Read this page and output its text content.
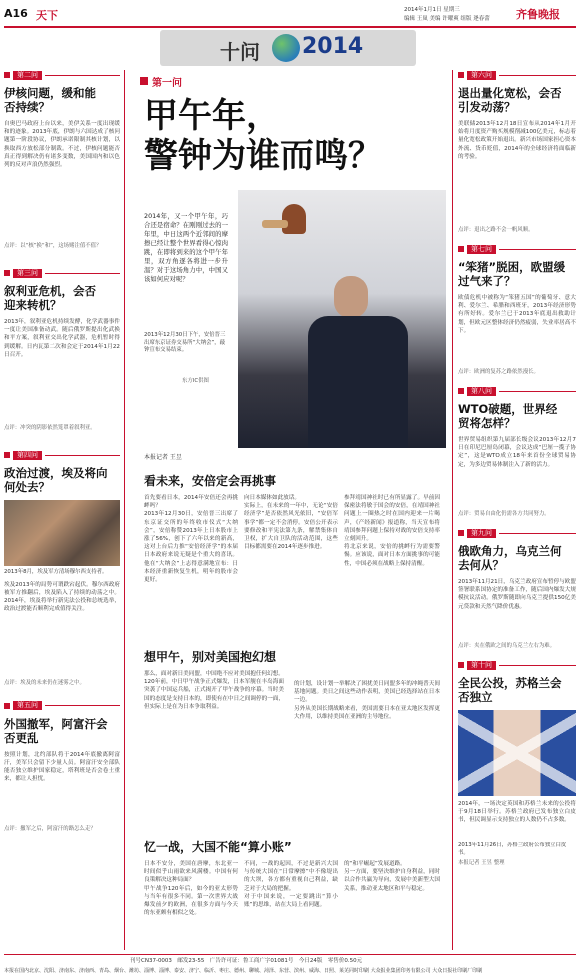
A16 天下	2014年1月1日 星期三
编辑 王岚 美编 许曜爽 组版 逄春蕾 齐鲁晚报
十问 2014
第二问
伊核问题，缓和能否持续？
自奥巴马政府上台以来，美伊关系一度出现缓和的迹象。2013年底，伊朗与六国达成了核问题第一阶段协议，伊朗承诺限制其核计划，以换取西方放松部分制裁。不过，伊核问题能否真正得到解决仍有诸多变数，美国国内和以色列的反对声浪仍然强烈。
点评：以“核”换“和”，这场赌注值不值？
第三问
叙利亚危机，会否迎来转机？
2013年，叙利亚危机持续发酵，化学武器事件一度让美国准备动武。随后俄罗斯提出化武换和平方案，叙利亚交出化学武器，危机暂时得到缓解。日内瓦第二次和会定于2014年1月22日召开。
点评：冲突的阴影依然笼罩着叙利亚。
第四问
政治过渡，埃及将向何处去？
2013年8月，埃及军方清场穆尔西支持者。
埃及2013年的局势可谓跌宕起伏。穆尔西政府被军方推翻后，埃及陷入了持续的动荡之中。2014年，埃及将举行新宪法公投和总统选举，政治过渡能否顺利完成值得关注。
点评：埃及的未来仍在迷雾之中。
第五问
外国撤军，阿富汗会否更乱
按照计划，北约部队将于2014年底撤离阿富汗，美军只会留下少量人员。阿富汗安全部队能否独立维护国家稳定，塔利班是否会卷土重来，都让人担忧。
点评：撤军之后，阿富汗的路怎么走？
第一问
甲午年，
警钟为谁而鸣？
2014年，又一个甲午年，巧合还是宿命？在刚刚过去的一年里，中日这两个近邻间的摩擦已经让整个世界看得心惊肉跳，在即将到来的这个甲午年里，双方角逐各将进一步升温？对于这场角力中，中国又该如何应对呢？
2013年12月30日下午，安倍晋三出席东京证券交易所“大纳会”，敲钟宣布交易结束。
东方IC供图
本报记者 王昱
看未来，安倍定会再挑事

首先要看日本，2014年安倍还会再挑衅吗？

2013年12月30日，安倍晋三出席了东京证交所的年终收市仪式“大纳会”，安倍称赞2013年上日本股市上涨了56%，创下了六年以来的新高，这对上台后力推“安倍经济学”的本届日本政府来说无疑是个重大的喜讯。他在“大纳会”上志得意满地宣布：日本经济重新恢复生机，明年的股市会更好。

向日本媒体如此放话。

实际上，在未来的一年中，无论“安倍经济学”是否依然风光依旧，“安倍军事学”都一定不会消停。安倍公开表示要修改和平宪法第九条，解禁集体自卫权，扩大自卫队的活动范围，这些目标都需要在2014年逐步推进。

参拜靖国神社时已有所显露了。早前因保密法将敏于国会的安倍，在靖国神社问题上一圈热之时在国内迎来一片喝声，《产经新闻》报道称，当天宣布将靖国参拜问题上保持对战的安倍支持率立刻回升。

将北京来说，安倍的挑衅行为需要警惕。应该说，面对日本方面挑事的可能性，中国必须在战略上保持清醒。

想甲午，别对美国抱幻想

那么，面对新日美同盟，中国绝不应对美国抱任何幻想。

120年前，中日甲午战争正式爆发，日本军舰在丰岛海面突袭了中国运兵船，正式揭开了甲午战争的序幕。当时美国的态度是支持日本的，即使有在中日之间调停的一面，但实际上是在为日本争取利益。

的计划，设计划一举解决了困扰美日同盟多年的冲绳普天间基地问题。美日之间这些动作表明，美国已经选择站在日本一边。

另外从美国长期战略来看，美国需要日本在亚太地区发挥更大作用，以维持美国在亚洲的主导地位。

忆一战，大国不能“算小账”

日本不安分，美国在唐摩，东北亚一时间似乎山雨欲来风满楼。中国有何良策解决这种局面？

甲午战争120年后，如今的亚太形势与当年有很多不同。第一次世界大战爆发前夕的欧洲，在很多方面与今天的东亚颇有相似之处。

不同，一战的起因，不过是新兴大国与传统大国在“日常摩擦”中不像堤出的大坝，各方都有重视自己利益，缺乏对于大局的把握。

对于中国来说，一定要跳出“算小账”的思维，站在大局上看问题。

的“和平崛起”发展道路。

另一方面，要坚决维护自身利益，同时以合作共赢为导向，发展中美新型大国关系，推动亚太地区和平与稳定。

第六问
退出量化宽松，会否引发动荡？
美联储2013年12月18日宣布从2014年1月开始将月度资产购买规模削减100亿美元，标志着量化宽松政策开始退出。新兴市场国家担心资本外流、货币贬值，2014年的全球经济将面临新的考验。
点评：退出之路不会一帆风顺。
第七问
“笨猪”脱困，欧盟缓过气来了？
欧债危机中被称为“笨猪五国”的葡萄牙、意大利、爱尔兰、希腊和西班牙，2013年经济形势有所好转。爱尔兰已于2013年底退出救助计划，但欧元区整体经济仍然疲弱，失业率居高不下。
点评：欧洲的复苏之路依然漫长。
第八问
WTO破题，世界经贸将怎样？
世界贸易组织第九届部长级会议2013年12月7日在印尼巴厘岛闭幕，会议达成“巴厘一揽子协定”，这是WTO成立18年来首份全球贸易协定，为多边贸易体制注入了新的活力。
点评：贸易自由化仍需各方共同努力。
第九问
俄欧角力，乌克兰何去何从？
2013年11月21日，乌克兰政府宣布暂停与欧盟签署联系国协定的准备工作，随后国内爆发大规模抗议活动。俄罗斯随即向乌克兰提供150亿美元贷款和天然气降价优惠。
点评：夹在俄欧之间的乌克兰左右为难。
第十问
全民公投，苏格兰会否独立
2014年，一场决定英国和苏格兰未来的公投将于9月18日举行。苏格兰政府已发布独立白皮书，但民调显示支持独立的人数仍不占多数。
2013年11月26日，苏格兰政府公布独立白皮书。
本报记者 王昱 整理
刊号CN37-0003　邮发23-55　广告许可证：鲁工商广字01081号　今日24版　零售价0.50元
本报在国内北京、沈阳、济南东、济南西、青岛、烟台、潍坊、淄博、淄博、泰安、济宁、临沂、枣庄、德州、聊城、菏泽、东营、滨州、威海、日照、莱芜同时印刷 大众报业集团印务有限公司 大众日报社印刷厂印刷
